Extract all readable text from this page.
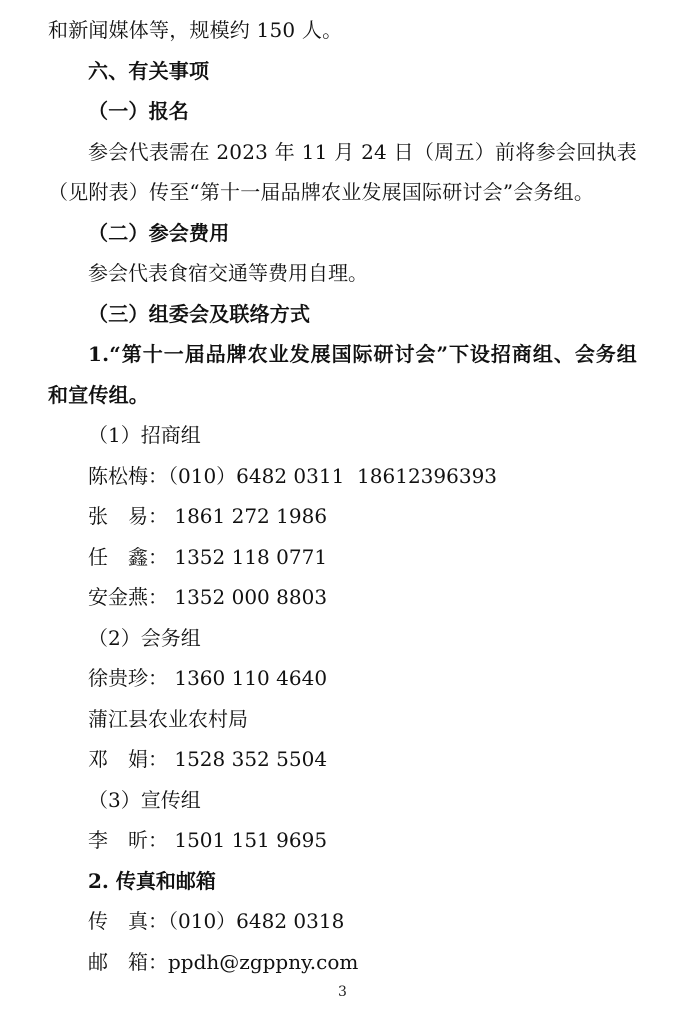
和新闻媒体等，规模约 150 人。
六、有关事项
（一）报名
参会代表需在 2023 年 11 月 24 日（周五）前将参会回执表（见附表）传至“第十一届品牌农业发展国际研讨会”会务组。
（二）参会费用
参会代表食宿交通等费用自理。
（三）组委会及联络方式
1.“第十一届品牌农业发展国际研讨会”下设招商组、会务组和宣传组。
（1）招商组
陈松梅：（010）6482 0311  18612396393
张　易： 1861 272 1986
任　鑫： 1352 118 0771
安金燕： 1352 000 8803
（2）会务组
徐贵珍： 1360 110 4640
蒲江县农业农村局
邓　娟： 1528 352 5504
（3）宣传组
李　昕： 1501 151 9695
2. 传真和邮箱
传　真：（010）6482 0318
邮　箱：ppdh@zgppny.com
3
